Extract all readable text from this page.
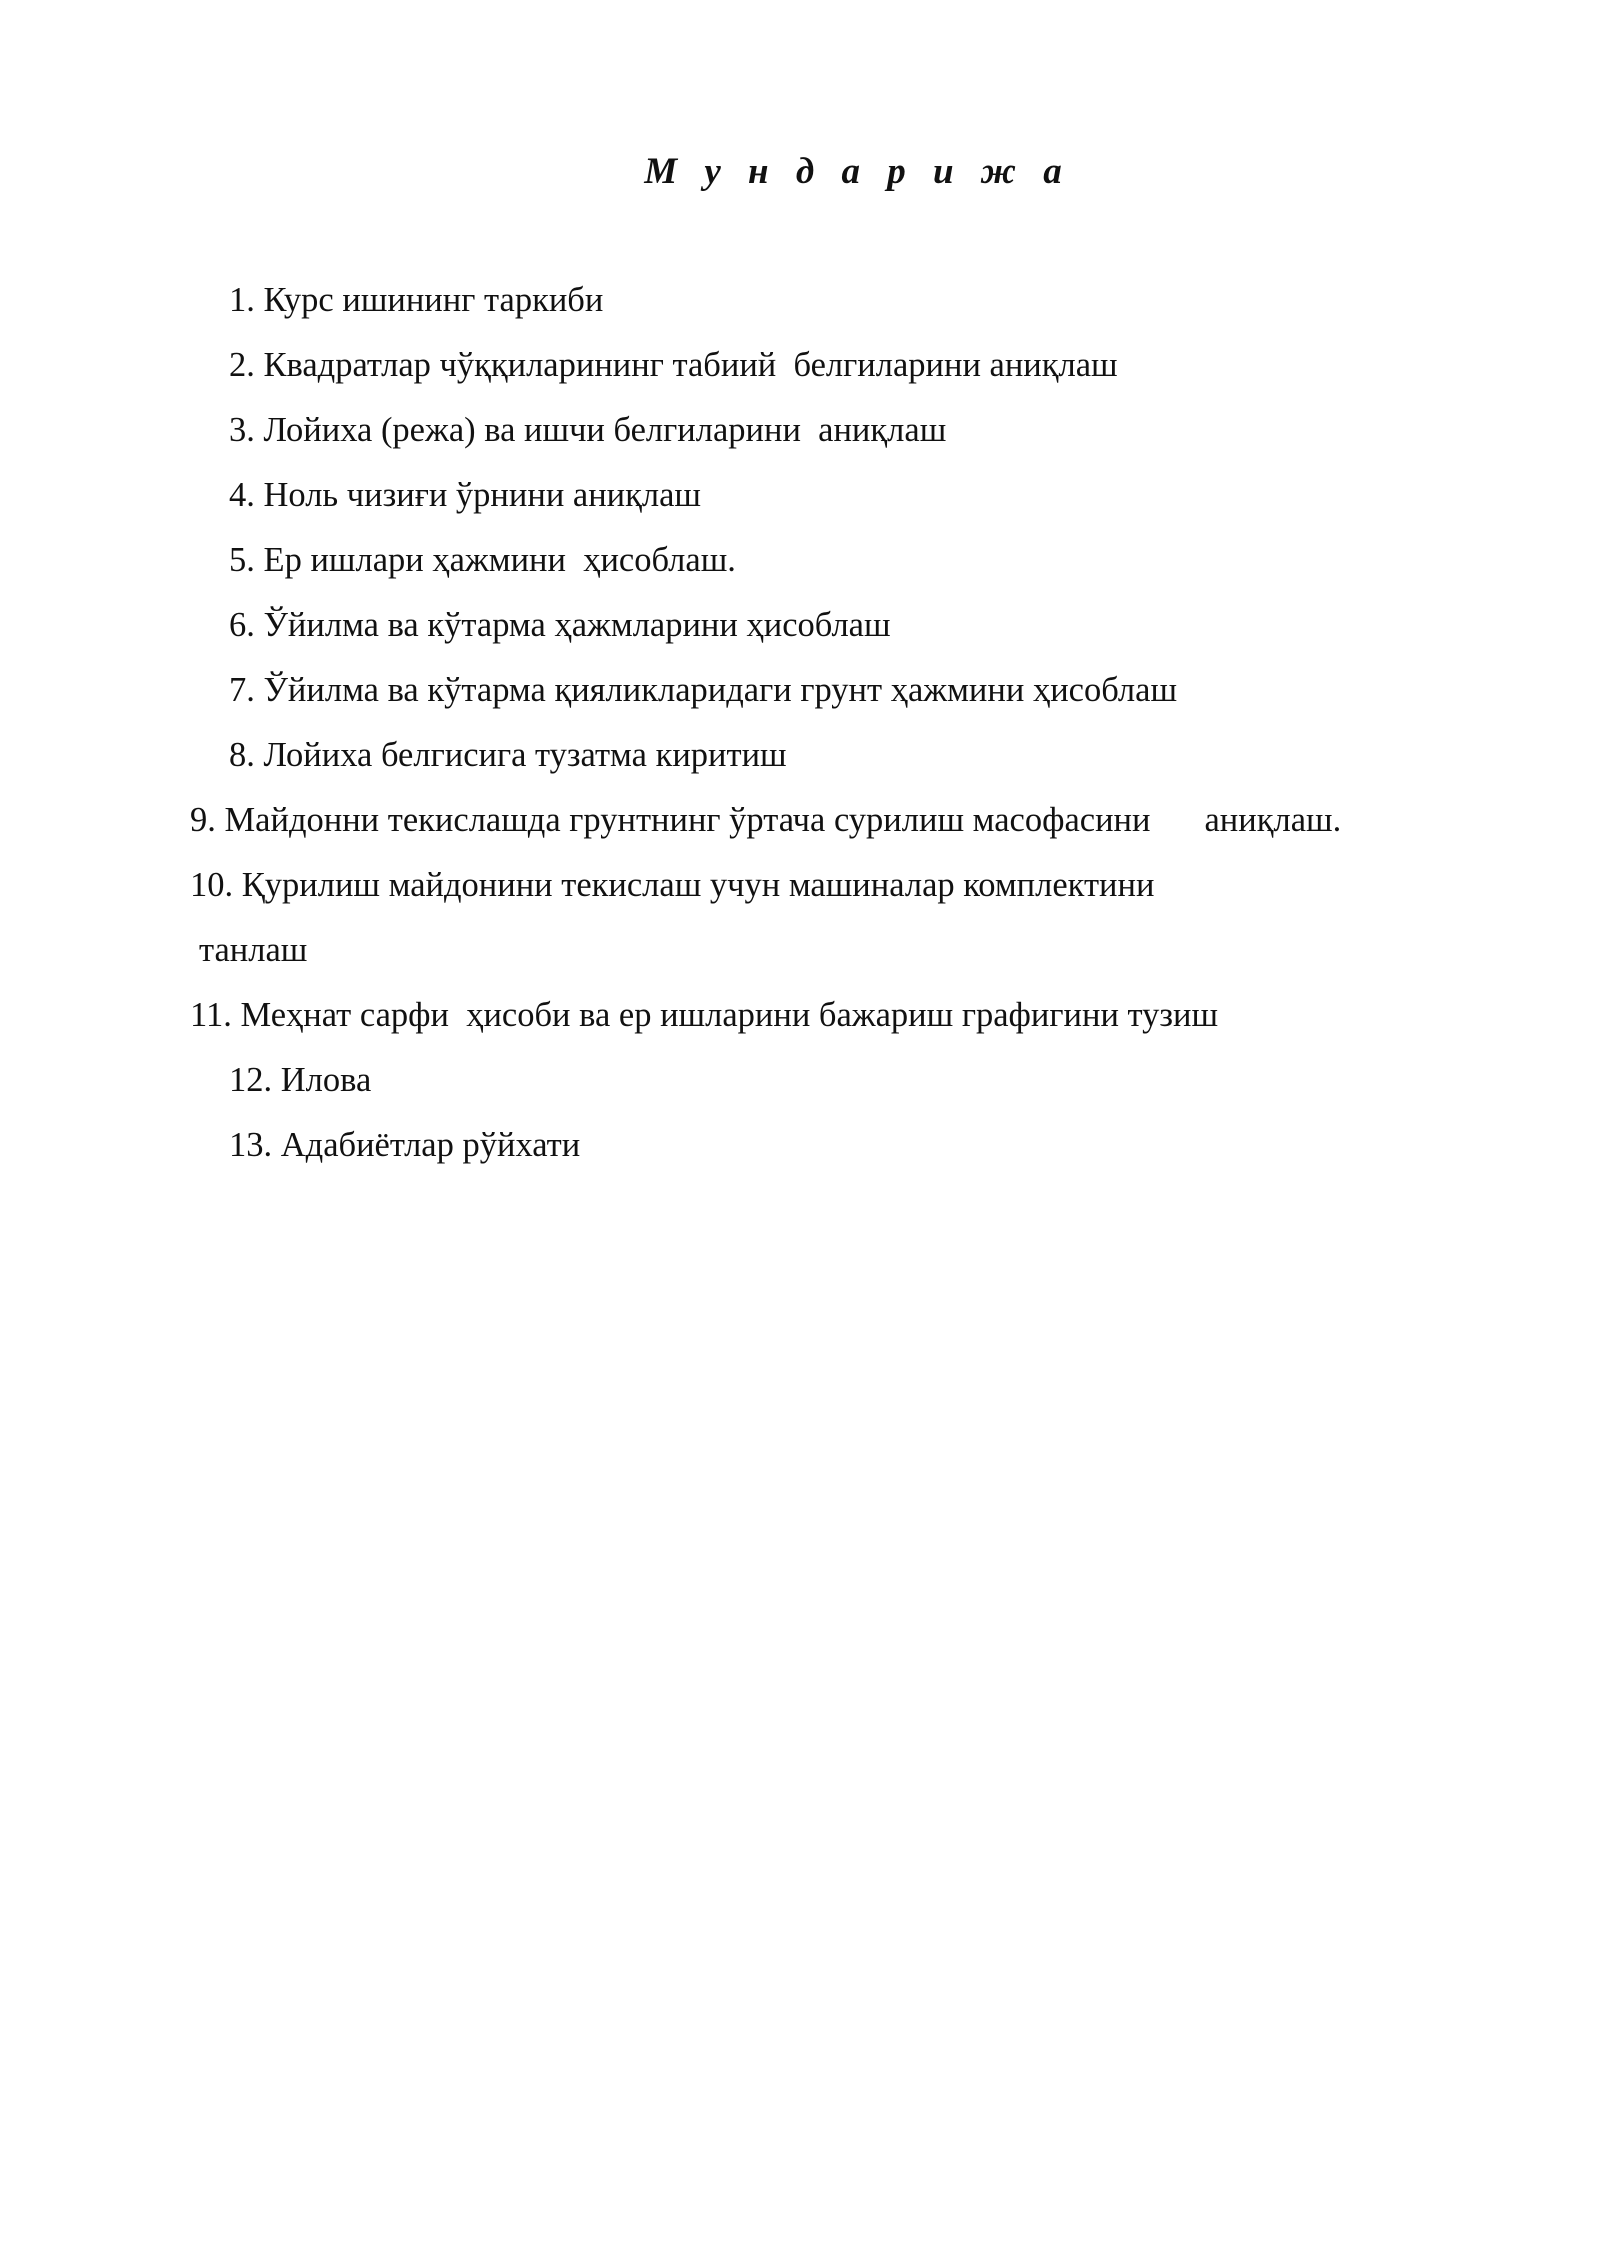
М у н д а р и ж а
1. Курс ишининг таркиби
2. Квадратлар чўққиларининг табиий  белгиларини аниқлаш
3. Лойиха (режа) ва ишчи белгиларини  аниқлаш
4. Ноль чизиғи ўрнини аниқлаш
5. Ер ишлари ҳажмини  ҳисоблаш.
6. Ўйилма ва кўтарма ҳажмларини ҳисоблаш
7. Ўйилма ва кўтарма қияликларидаги грунт ҳажмини ҳисоблаш
8. Лойиха белгисига тузатма киритиш
9. Майдонни текислашда грунтнинг ўртача сурилиш масофасини аниқлаш.
10. Қурилиш майдонини текислаш учун машиналар комплектини
танлаш
11. Меҳнат сарфи  ҳисоби ва ер ишларини бажариш графигини тузиш
12. Илова
13. Адабиётлар рўйхати
